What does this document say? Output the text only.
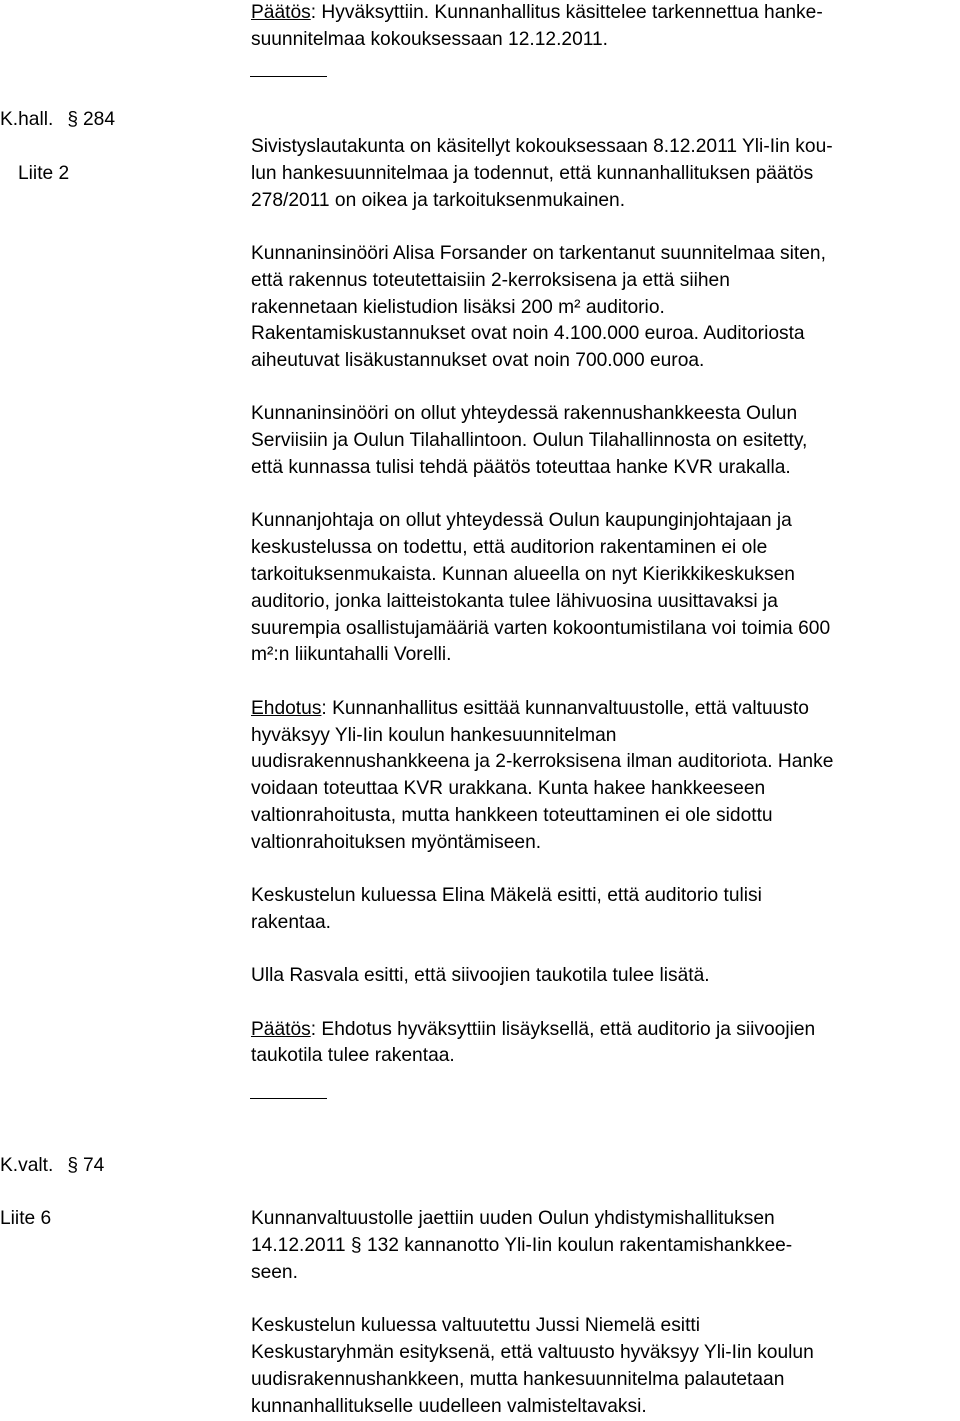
Päätös: Hyväksyttiin. Kunnanhallitus käsittelee tarkennettua hanke-
suunnitelmaa kokouksessaan 12.12.2011.
K.hall. § 284
Liite 2
Sivistyslautakunta on käsitellyt kokouksessaan 8.12.2011 Yli-Iin kou-
lun hankesuunnitelmaa ja todennut, että kunnanhallituksen päätös
278/2011 on oikea ja tarkoituksenmukainen.
Kunnaninsinööri Alisa Forsander on tarkentanut suunnitelmaa siten,
että rakennus toteutettaisiin 2-kerroksisena ja että siihen
rakennetaan kielistudion lisäksi 200 m² auditorio.
Rakentamiskustannukset ovat noin 4.100.000 euroa. Auditoriosta
aiheutuvat lisäkustannukset ovat noin 700.000 euroa.
Kunnaninsinööri on ollut yhteydessä rakennushankkeesta Oulun
Serviisiin ja Oulun Tilahallintoon. Oulun Tilahallinnosta on esitetty,
että kunnassa tulisi tehdä päätös toteuttaa hanke KVR urakalla.
Kunnanjohtaja on ollut yhteydessä Oulun kaupunginjohtajaan ja
keskustelussa on todettu, että auditorion rakentaminen ei ole
tarkoituksenmukaista. Kunnan alueella on nyt Kierikkikeskuksen
auditorio, jonka laitteistokanta tulee lähivuosina uusittavaksi ja
suurempia osallistujamääriä varten kokoontumistilana voi toimia 600
m²:n liikuntahalli Vorelli.
Ehdotus: Kunnanhallitus esittää kunnanvaltuustolle, että valtuusto
hyväksyy Yli-Iin koulun hankesuunnitelman
uudisrakennushankkeena ja 2-kerroksisena ilman auditoriota. Hanke
voidaan toteuttaa KVR urakkana. Kunta hakee hankkeeseen
valtionrahoitusta, mutta hankkeen toteuttaminen ei ole sidottu
valtionrahoituksen myöntämiseen.
Keskustelun kuluessa Elina Mäkelä esitti, että auditorio tulisi
rakentaa.
Ulla Rasvala esitti, että siivoojien taukotila tulee lisätä.
Päätös: Ehdotus hyväksyttiin lisäyksellä, että auditorio ja siivoojien
taukotila tulee rakentaa.
K.valt. § 74
Liite 6	Kunnanvaltuustolle jaettiin uuden Oulun yhdistymishallituksen
14.12.2011 § 132 kannanotto Yli-Iin koulun rakentamishankkee-
seen.
Keskustelun kuluessa valtuutettu Jussi Niemelä esitti
Keskustaryhmän esityksenä, että valtuusto hyväksyy Yli-Iin koulun
uudisrakennushankkeen, mutta hankesuunnitelma palautetaan
kunnanhallitukselle uudelleen valmisteltavaksi.
